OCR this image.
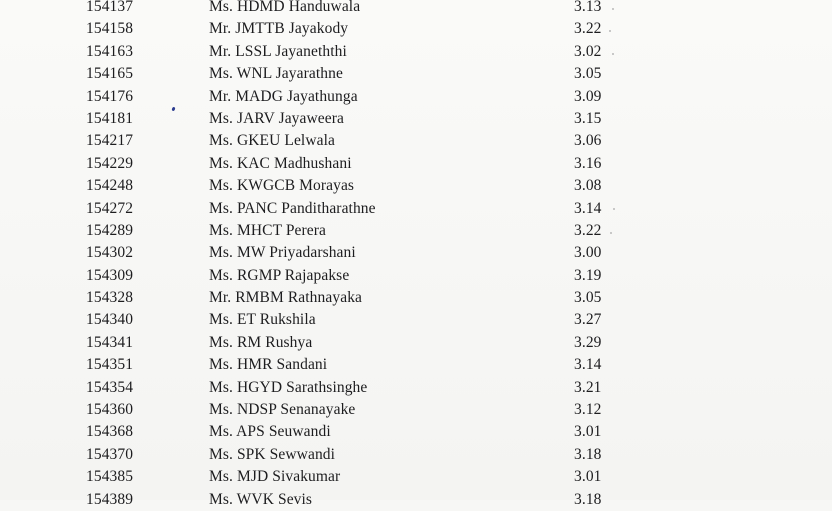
154137	Ms. HDMD Handuwala	3.13
154158	Mr. JMTTB Jayakody	3.22
154163	Mr. LSSL Jayaneththi	3.02
154165	Ms. WNL Jayarathne	3.05
154176	Mr. MADG Jayathunga	3.09
154181	Ms. JARV Jayaweera	3.15
154217	Ms. GKEU Lelwala	3.06
154229	Ms. KAC Madhushani	3.16
154248	Ms. KWGCB Morayas	3.08
154272	Ms. PANC Panditharathne	3.14
154289	Ms. MHCT Perera	3.22
154302	Ms. MW Priyadarshani	3.00
154309	Ms. RGMP Rajapakse	3.19
154328	Mr. RMBM Rathnayaka	3.05
154340	Ms. ET Rukshila	3.27
154341	Ms. RM Rushya	3.29
154351	Ms. HMR Sandani	3.14
154354	Ms. HGYD Sarathsinghe	3.21
154360	Ms. NDSP Senanayake	3.12
154368	Ms. APS Seuwandi	3.01
154370	Ms. SPK Sewwandi	3.18
154385	Ms. MJD Sivakumar	3.01
154389	Ms. WVK Sevis	3.18
